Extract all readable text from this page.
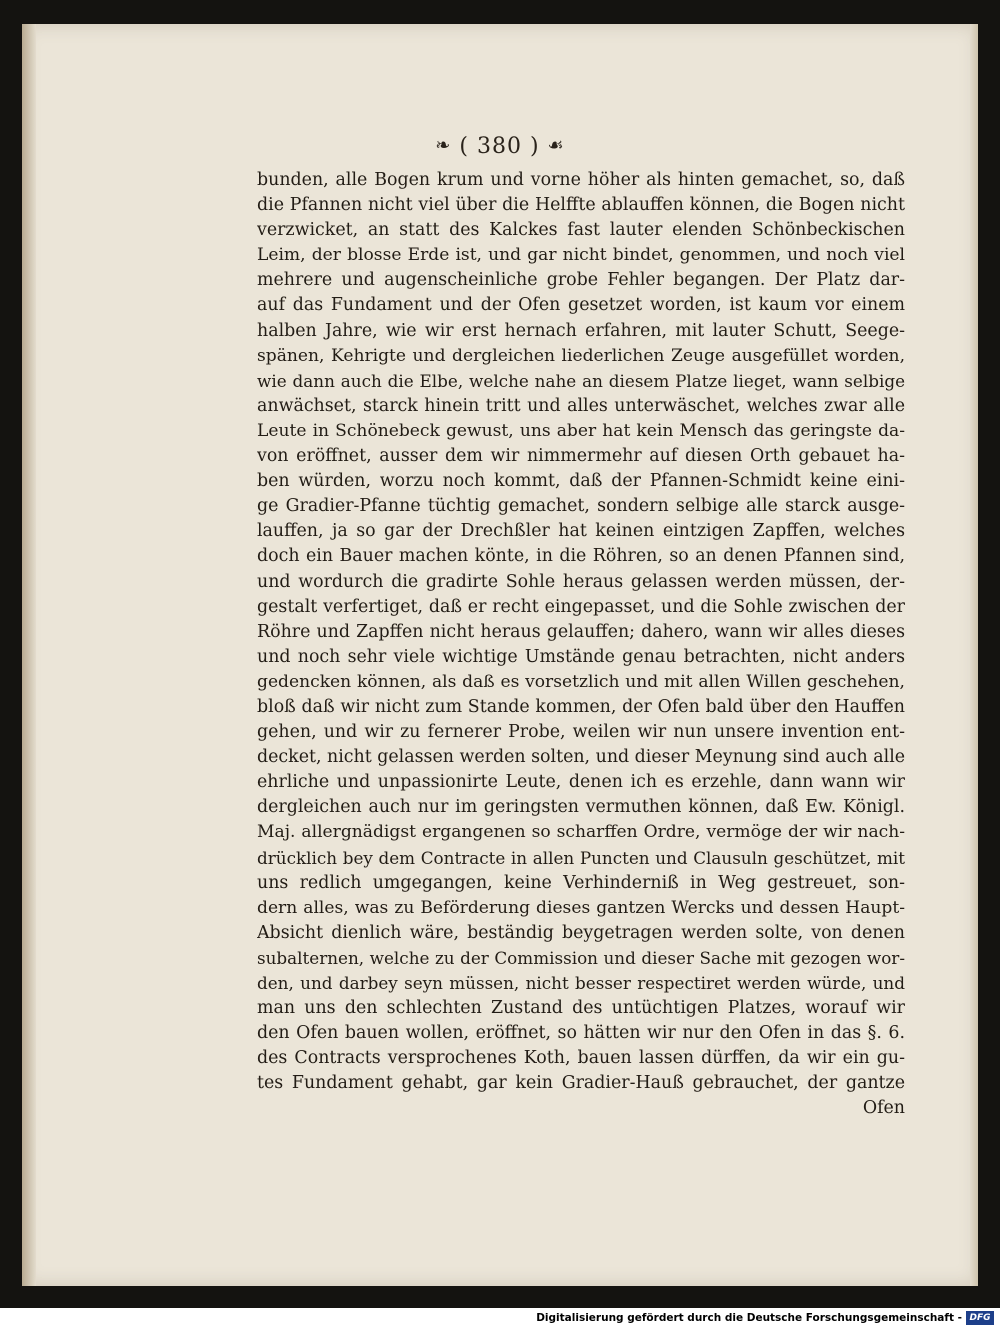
❧ ( 380 ) ☙
bunden, alle Bogen krum und vorne höher als hinten gemachet, so, daß
die Pfannen nicht viel über die Helffte ablauffen können, die Bogen nicht
verzwicket, an statt des Kalckes fast lauter elenden Schönbeckischen
Leim, der blosse Erde ist, und gar nicht bindet, genommen, und noch viel
mehrere und augenscheinliche grobe Fehler begangen. Der Platz dar-
auf das Fundament und der Ofen gesetzet worden, ist kaum vor einem
halben Jahre, wie wir erst hernach erfahren, mit lauter Schutt, Seege-
spänen, Kehrigte und dergleichen liederlichen Zeuge ausgefüllet worden,
wie dann auch die Elbe, welche nahe an diesem Platze lieget, wann selbige
anwächset, starck hinein tritt und alles unterwäschet, welches zwar alle
Leute in Schönebeck gewust, uns aber hat kein Mensch das geringste da-
von eröffnet, ausser dem wir nimmermehr auf diesen Orth gebauet ha-
ben würden, worzu noch kommt, daß der Pfannen-Schmidt keine eini-
ge Gradier-Pfanne tüchtig gemachet, sondern selbige alle starck ausge-
lauffen, ja so gar der Drechßler hat keinen eintzigen Zapffen, welches
doch ein Bauer machen könte, in die Röhren, so an denen Pfannen sind,
und wordurch die gradirte Sohle heraus gelassen werden müssen, der-
gestalt verfertiget, daß er recht eingepasset, und die Sohle zwischen der
Röhre und Zapffen nicht heraus gelauffen; dahero, wann wir alles dieses
und noch sehr viele wichtige Umstände genau betrachten, nicht anders
gedencken können, als daß es vorsetzlich und mit allen Willen geschehen,
bloß daß wir nicht zum Stande kommen, der Ofen bald über den Hauffen
gehen, und wir zu fernerer Probe, weilen wir nun unsere invention ent-
decket, nicht gelassen werden solten, und dieser Meynung sind auch alle
ehrliche und unpassionirte Leute, denen ich es erzehle, dann wann wir
dergleichen auch nur im geringsten vermuthen können, daß Ew. Königl.
Maj. allergnädigst ergangenen so scharffen Ordre, vermöge der wir nach-
drücklich bey dem Contracte in allen Puncten und Clausuln geschützet, mit
uns redlich umgegangen, keine Verhinderniß in Weg gestreuet, son-
dern alles, was zu Beförderung dieses gantzen Wercks und dessen Haupt-
Absicht dienlich wäre, beständig beygetragen werden solte, von denen
subalternen, welche zu der Commission und dieser Sache mit gezogen wor-
den, und darbey seyn müssen, nicht besser respectiret werden würde, und
man uns den schlechten Zustand des untüchtigen Platzes, worauf wir
den Ofen bauen wollen, eröffnet, so hätten wir nur den Ofen in das §. 6.
des Contracts versprochenes Koth, bauen lassen dürffen, da wir ein gu-
tes Fundament gehabt, gar kein Gradier-Hauß gebrauchet, der gantze
Ofen
Digitalisierung gefördert durch die Deutsche Forschungsgemeinschaft - DFG
